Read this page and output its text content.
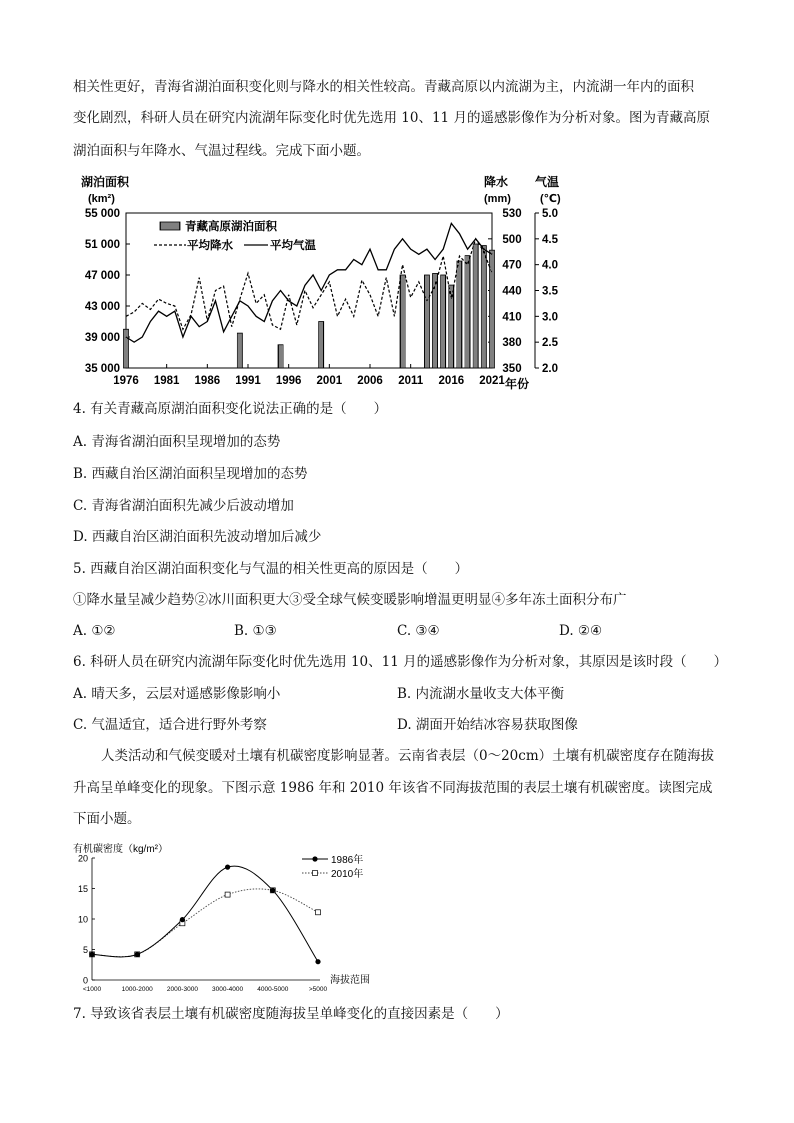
相关性更好，青海省湖泊面积变化则与降水的相关性较高。青藏高原以内流湖为主，内流湖一年内的面积
变化剧烈，科研人员在研究内流湖年际变化时优先选用 10、11 月的遥感影像作为分析对象。图为青藏高原
湖泊面积与年降水、气温过程线。完成下面小题。
湖泊面积
(km²)
降水
(mm)
气温
(℃)
年份
55 000
51 000
47 000
43 000
39 000
35 000
530
500
470
440
410
380
350
5.0
4.5
4.0
3.5
3.0
2.5
2.0
1976 1981 1986 1991 1996 2001 2006 2011 2016 2021
青藏高原湖泊面积
平均降水	平均气温
4. 有关青藏高原湖泊面积变化说法正确的是（　　）
A. 青海省湖泊面积呈现增加的态势
B. 西藏自治区湖泊面积呈现增加的态势
C. 青海省湖泊面积先减少后波动增加
D. 西藏自治区湖泊面积先波动增加后减少
5. 西藏自治区湖泊面积变化与气温的相关性更高的原因是（　　）
①降水量呈减少趋势②冰川面积更大③受全球气候变暖影响增温更明显④多年冻土面积分布广
A. ①②	B. ①③	C. ③④	D. ②④
6. 科研人员在研究内流湖年际变化时优先选用 10、11 月的遥感影像作为分析对象，其原因是该时段（　　）
A. 晴天多，云层对遥感影像影响小	B. 内流湖水量收支大体平衡
C. 气温适宜，适合进行野外考察	D. 湖面开始结冰容易获取图像
人类活动和气候变暖对土壤有机碳密度影响显著。云南省表层（0～20cm）土壤有机碳密度存在随海拔
升高呈单峰变化的现象。下图示意 1986 年和 2010 年该省不同海拔范围的表层土壤有机碳密度。读图完成
下面小题。
有机碳密度（kg/m²）
海拔范围
20
15
10
5
0
<1000	1000-2000 2000-3000 3000-4000 4000-5000	>5000
1986年
2010年
7. 导致该省表层土壤有机碳密度随海拔呈单峰变化的直接因素是（　　）
